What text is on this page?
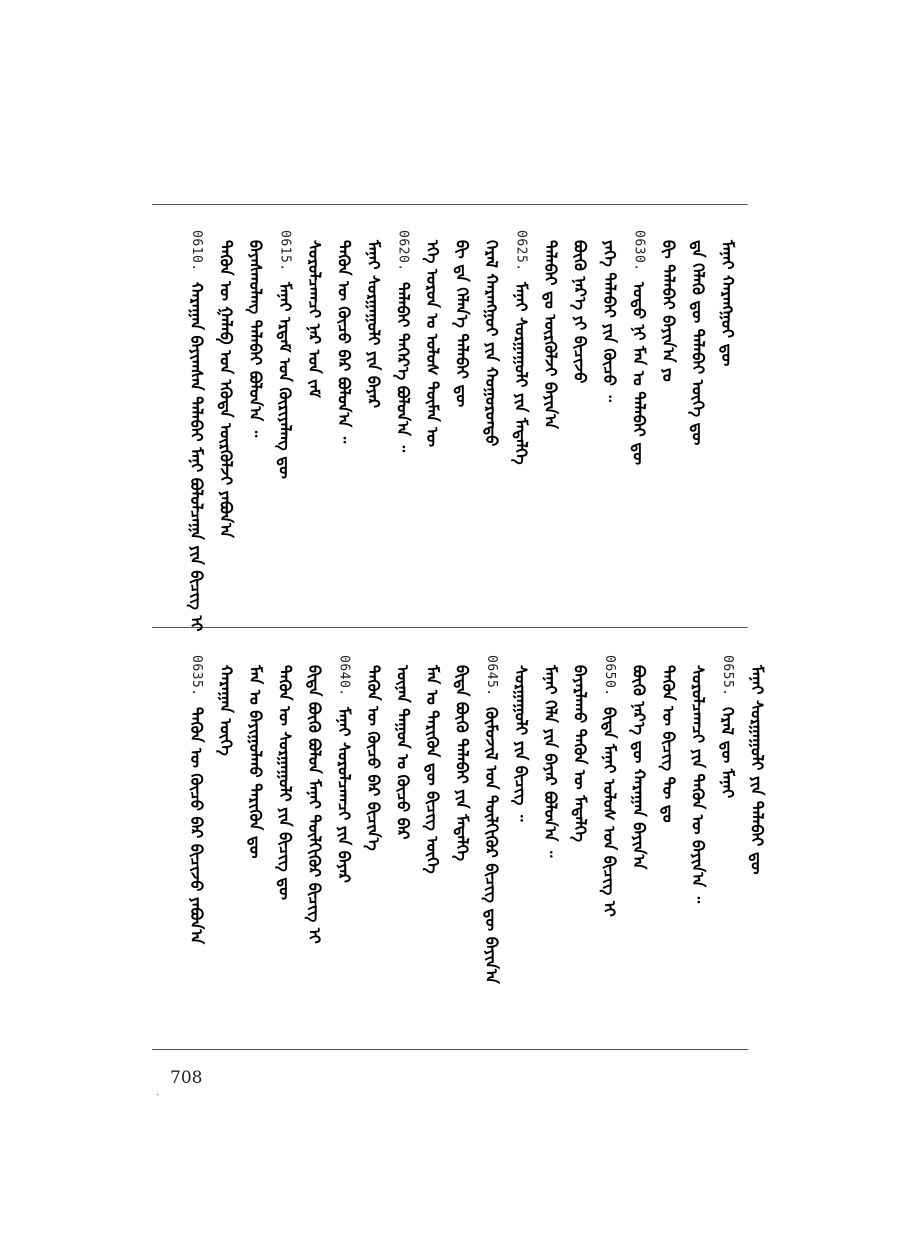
0610.ᠬᠠᠷᠠᠭᠠᠨ ᠪᠠᠶᠢᠭᠰᠠᠨ ᠲᠠᠯᠠᠪᠠᠢ ᠮᠠᠨᠢ ᠪᠤᠯᠤᠯᠴᠠᠭᠠ ᠶᠢᠨ ᠪᠢᠴᠢᠭ ᠢ ᠲᠡᠭᠦᠨ ᠦ ᠭᠠᠯᠠᠪ ᠤᠨ ᠡᠭᠦᠳᠡ ᠦᠷᠭᠦᠯᠵᠢ ᠶᠠᠪᠤᠨ᠎ᠠ ᠪᠠᠶᠠᠰᠬᠤᠯᠠᠩ ᠲᠠᠯᠠᠪᠠᠢ ᠪᠤᠯᠤᠨ᠎ᠠ ᠃ 0615.ᠮᠠᠨᠠᠢ ᠡᠷᠳᠡᠮ ᠤᠨ ᠬᠦᠷᠢᠶᠡᠯᠡᠩ ᠳᠦ ᠰᠤᠷᠤᠯᠴᠠᠭᠴᠢ ᠨᠠᠷ ᠤᠨ ᠵᠠᠮ ᠲᠡᠭᠦᠨ ᠦ ᠬᠦᠴᠦ ᠪᠡᠷ ᠪᠤᠯᠤᠨ᠎ᠠ ᠃ ᠮᠠᠨᠠᠢ ᠰᠤᠷᠭᠠᠭᠤᠯᠢ ᠶᠢᠨ ᠪᠠᠶᠠᠷ 0620.ᠲᠠᠯᠠᠪᠠᠢ ᠳᠡᠭᠡᠷ᠎ᠡ ᠪᠤᠯᠤᠨ᠎ᠠ ᠃ ᠡᠬᠡ ᠣᠷᠣᠨ ᠤ ᠤᠯᠤᠰ ᠲᠦᠮᠡᠨ ᠦ ᠪᠢ ᠳᠠ ᠬᠡᠯᠡᠨ᠎ᠡ ᠲᠠᠯᠠᠪᠠᠢ ᠳᠦ ᠭᠡᠷᠡᠯ ᠬᠠᠷᠠᠩᠭᠤᠢ ᠶᠢᠨ ᠬᠣᠭᠣᠷᠣᠨᠳᠣ 0625.ᠮᠠᠨᠠᠢ ᠰᠤᠷᠭᠠᠭᠤᠯᠢ ᠶᠢᠨ ᠮᠡᠳᠡᠯᠭᠡ ᠲᠠᠯᠠᠪᠠᠢ ᠳᠤ ᠦᠷᠭᠦᠯᠵᠢ ᠪᠠᠶᠢᠨ᠎ᠠ ᠪᠦᠬᠦ ᠨᠡᠷ᠎ᠡ ᠶᠢ ᠪᠢᠴᠢᠵᠦ ᠶᠡᠬᠡ ᠲᠠᠯᠠᠪᠠᠢ ᠶᠢᠨ ᠬᠦᠴᠦ ᠃ 0630.ᠣᠳᠣ ᠨᠢ ᠮᠠᠨ ᠤ ᠲᠠᠯᠠᠪᠠᠢ ᠳᠦ ᠪᠢ ᠲᠠᠯᠠᠪᠠᠢ ᠪᠠᠶᠢᠨ᠎ᠠ ᠶᠤ ᠳᠠ ᠬᠡᠯᠡᠬᠦ ᠳᠦ ᠲᠠᠯᠠᠪᠠᠢ ᠦᠭᠡ ᠳᠦ ᠮᠠᠨᠠᠢ ᠬᠠᠷᠠᠩᠭᠤᠢ ᠳᠦ
0635.ᠲᠡᠭᠦᠨ ᠦ ᠬᠦᠴᠦ ᠪᠡᠷ ᠪᠢᠴᠢᠵᠦ ᠶᠠᠪᠤᠨ᠎ᠠ ᠬᠠᠷᠠᠭᠠᠨ ᠦᠭᠡ ᠮᠠᠨ ᠤ ᠪᠠᠶᠢᠭᠤᠯᠬᠤ ᠲᠡᠷᠢᠭᠦᠨ ᠳᠦ ᠲᠡᠭᠦᠨ ᠦ ᠰᠤᠷᠭᠠᠭᠤᠯᠢ ᠶᠢᠨ ᠪᠢᠴᠢᠭ ᠳᠦ ᠪᠢᠳᠡ ᠪᠦᠬᠦ ᠪᠤᠯᠤᠨ ᠮᠠᠨᠠᠢ ᠲᠦᠯᠬᠢᠭᠦᠷ ᠪᠢᠴᠢᠭ ᠢ 0640.ᠮᠠᠨᠠᠢ ᠰᠤᠷᠤᠯᠴᠠᠭᠴᠢ ᠶᠢᠨ ᠪᠠᠶᠠᠷ ᠲᠡᠭᠦᠨ ᠦ ᠬᠦᠴᠦ ᠪᠡᠷ ᠪᠢᠴᠢᠨ᠎ᠡ ᠦᠨᠡᠨ ᠳᠠᠭᠤᠨ ᠤ ᠬᠦᠴᠦ ᠪᠡᠷ ᠮᠠᠨ ᠤ ᠲᠡᠷᠢᠭᠦᠨ ᠳᠦ ᠪᠢᠴᠢᠭ ᠦᠭᠡ ᠪᠢᠳᠡ ᠪᠦᠬᠦ ᠲᠠᠯᠠᠪᠠᠢ ᠶᠢᠨ ᠮᠡᠳᠡᠯᠭᠡ 0645.ᠬᠦᠮᠦᠵᠢᠯ ᠤᠨ ᠲᠦᠯᠬᠢᠭᠦᠷ ᠪᠢᠴᠢᠭ ᠳᠦ ᠪᠠᠶᠢᠨ᠎ᠠ ᠰᠤᠷᠭᠠᠭᠤᠯᠢ ᠶᠢᠨ ᠪᠢᠴᠢᠭ ᠃ ᠮᠠᠨᠠᠢ ᠬᠡᠯᠡ ᠶᠢᠨ ᠪᠠᠶᠠᠷ ᠪᠤᠯᠤᠨ᠎ᠠ ᠃ ᠪᠠᠶᠠᠷᠯᠠᠬᠤ ᠲᠡᠭᠦᠨ ᠦ ᠮᠡᠳᠡᠯᠭᠡ 0650.ᠪᠢᠳᠡ ᠮᠠᠨᠠᠢ ᠤᠯᠤᠰ ᠤᠨ ᠪᠢᠴᠢᠭ ᠢ ᠪᠦᠬᠦ ᠨᠡᠷ᠎ᠡ ᠳᠦ ᠬᠠᠷᠠᠭᠠᠨ ᠪᠠᠶᠢᠨ᠎ᠠ ᠲᠡᠭᠦᠨ ᠦ ᠪᠢᠴᠢᠭ ᠲᠦ ᠳᠤ ᠰᠤᠷᠤᠯᠴᠠᠭᠴᠢ ᠶᠢᠨ ᠲᠡᠭᠦᠨ ᠦ ᠪᠠᠶᠢᠨ᠎ᠠ ᠃ 0655.ᠭᠡᠷᠡᠯ ᠳᠦ ᠮᠠᠨᠠᠢ ᠮᠠᠨᠠᠢ ᠰᠤᠷᠭᠠᠭᠤᠯᠢ ᠶᠢᠨ ᠲᠠᠯᠠᠪᠠᠢ ᠳᠦ
ˏ
708
